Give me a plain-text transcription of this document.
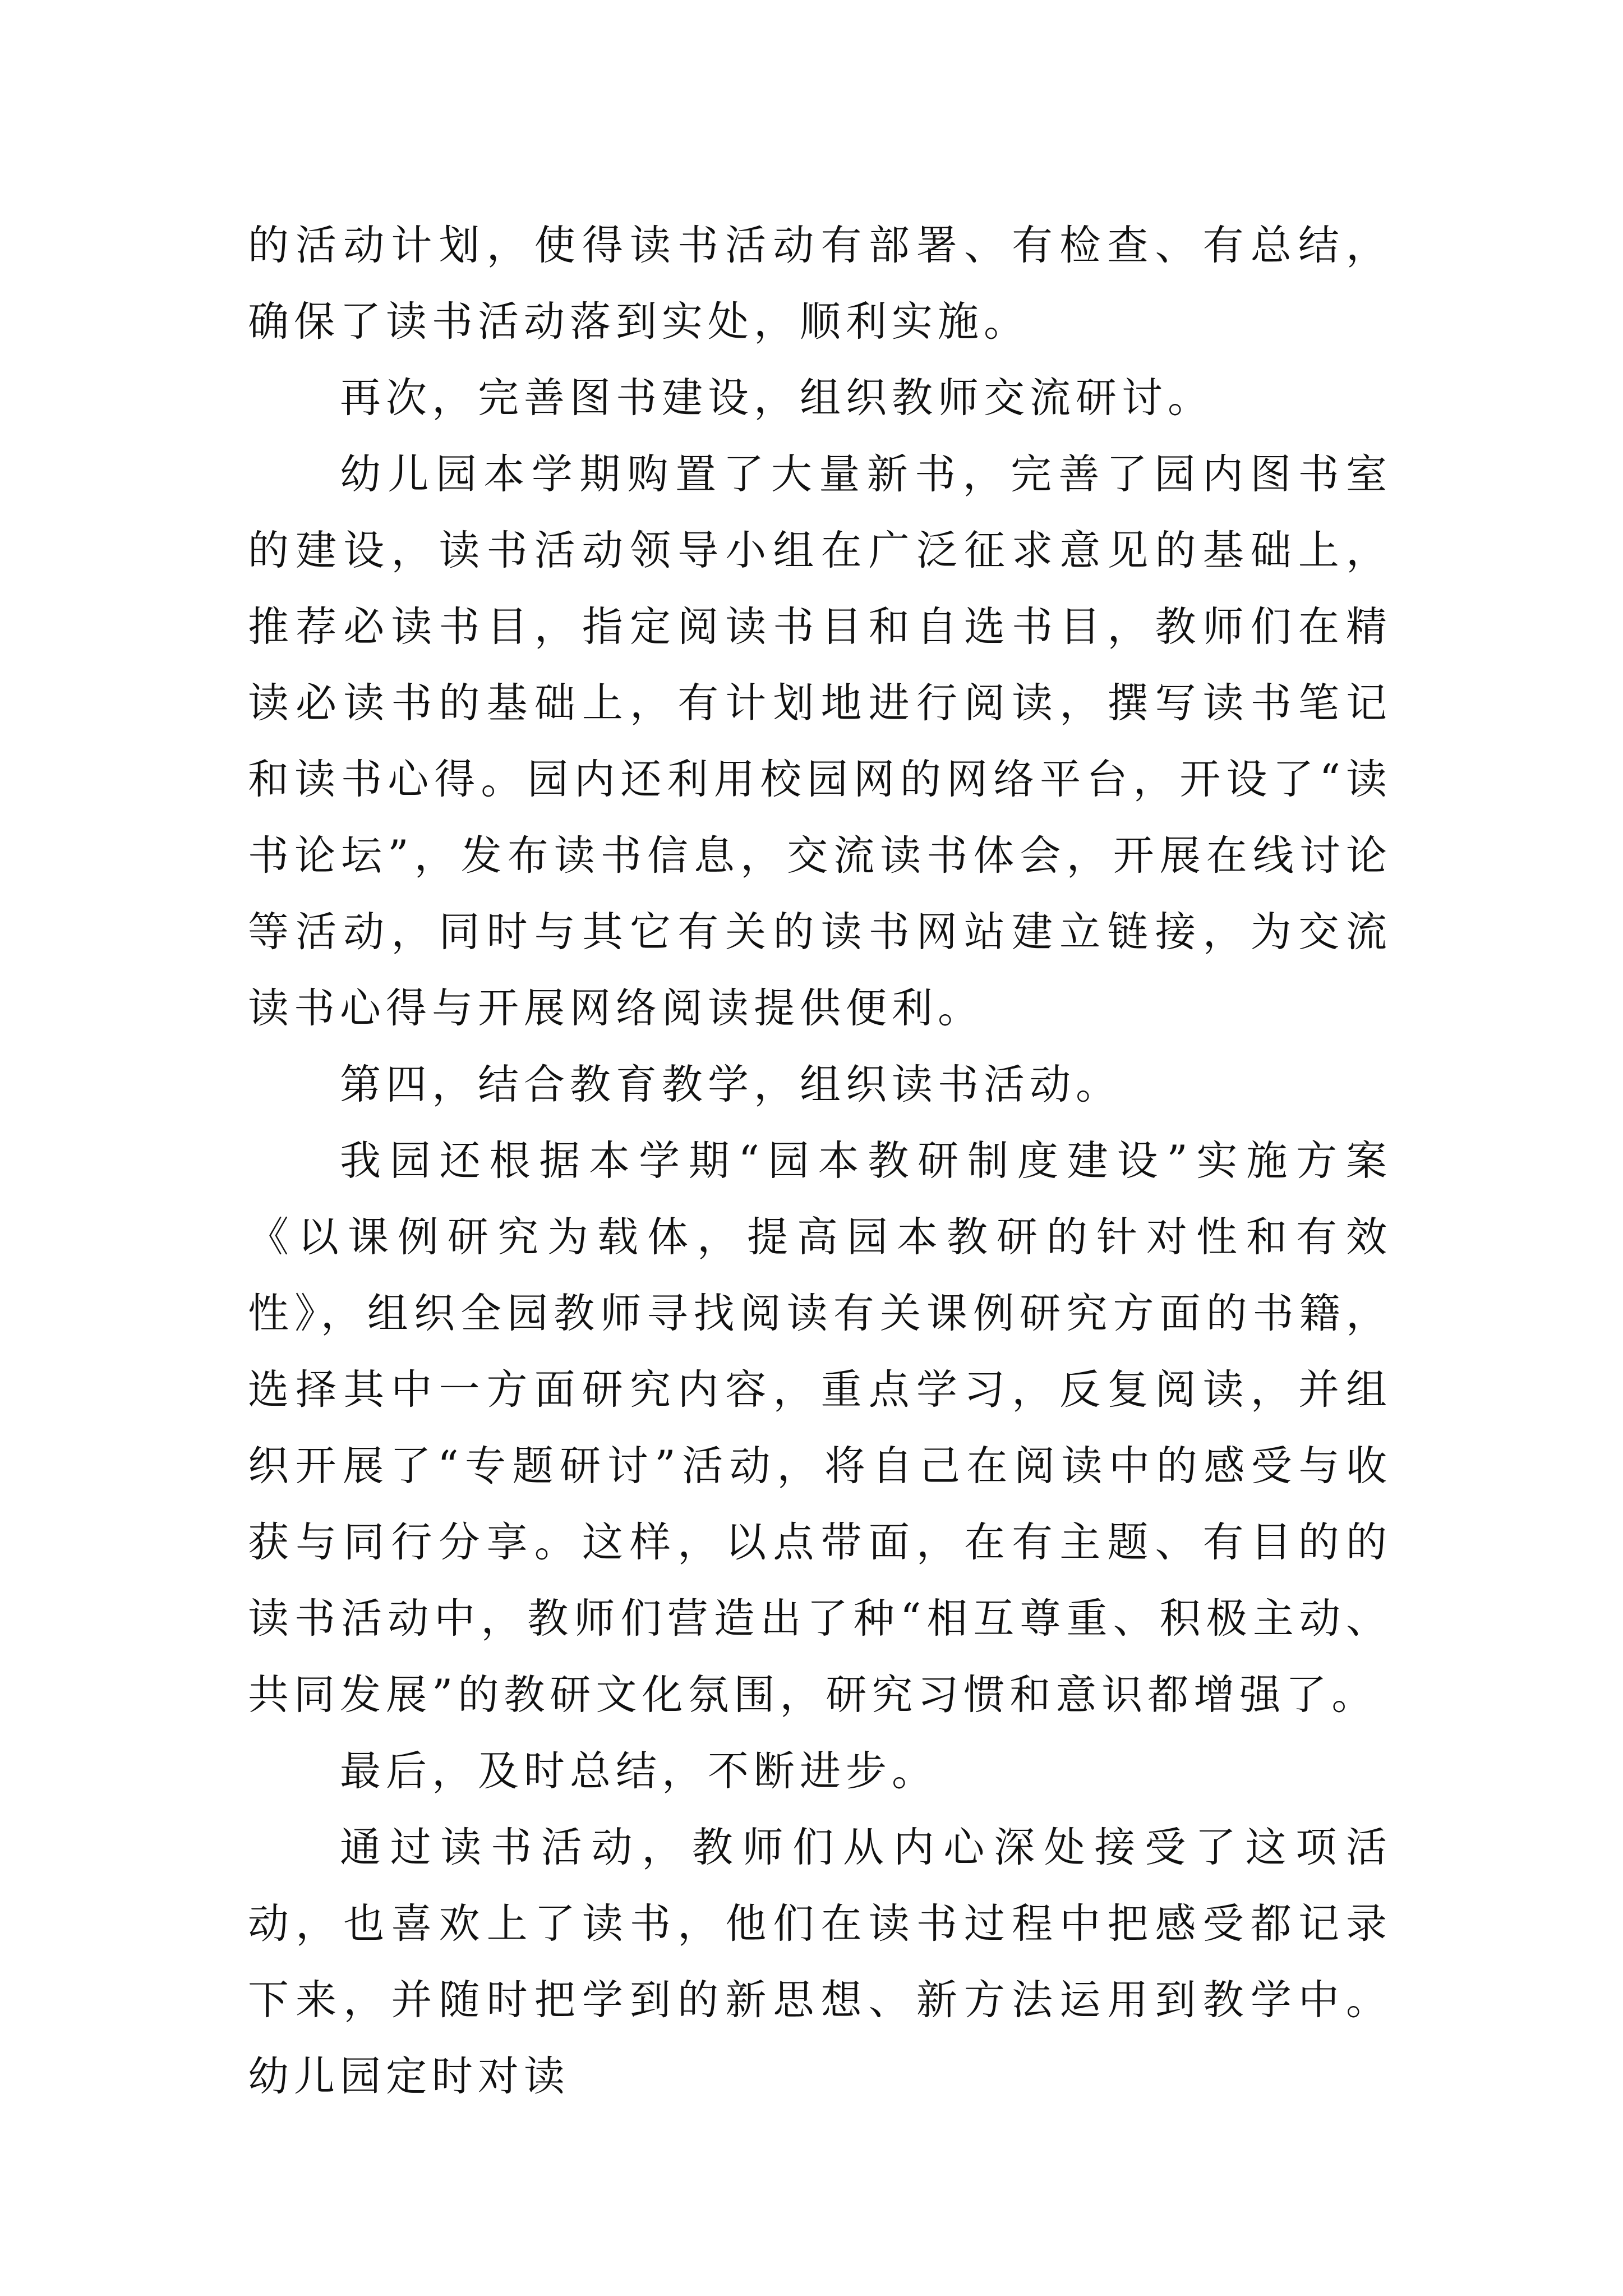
的活动计划，使得读书活动有部署、有检查、有总结，确保了读书活动落到实处，顺利实施。

再次，完善图书建设，组织教师交流研讨。

幼儿园本学期购置了大量新书，完善了园内图书室的建设，读书活动领导小组在广泛征求意见的基础上，推荐必读书目，指定阅读书目和自选书目，教师们在精读必读书的基础上，有计划地进行阅读，撰写读书笔记和读书心得。园内还利用校园网的网络平台，开设了“读书论坛”，发布读书信息，交流读书体会，开展在线讨论等活动，同时与其它有关的读书网站建立链接，为交流读书心得与开展网络阅读提供便利。

第四，结合教育教学，组织读书活动。

我园还根据本学期“园本教研制度建设”实施方案《以课例研究为载体，提高园本教研的针对性和有效性》，组织全园教师寻找阅读有关课例研究方面的书籍，选择其中一方面研究内容，重点学习，反复阅读，并组织开展了“专题研讨”活动，将自己在阅读中的感受与收获与同行分享。这样，以点带面，在有主题、有目的的读书活动中，教师们营造出了种“相互尊重、积极主动、共同发展”的教研文化氛围，研究习惯和意识都增强了。

最后，及时总结，不断进步。

通过读书活动，教师们从内心深处接受了这项活动，也喜欢上了读书，他们在读书过程中把感受都记录下来，并随时把学到的新思想、新方法运用到教学中。幼儿园定时对读
